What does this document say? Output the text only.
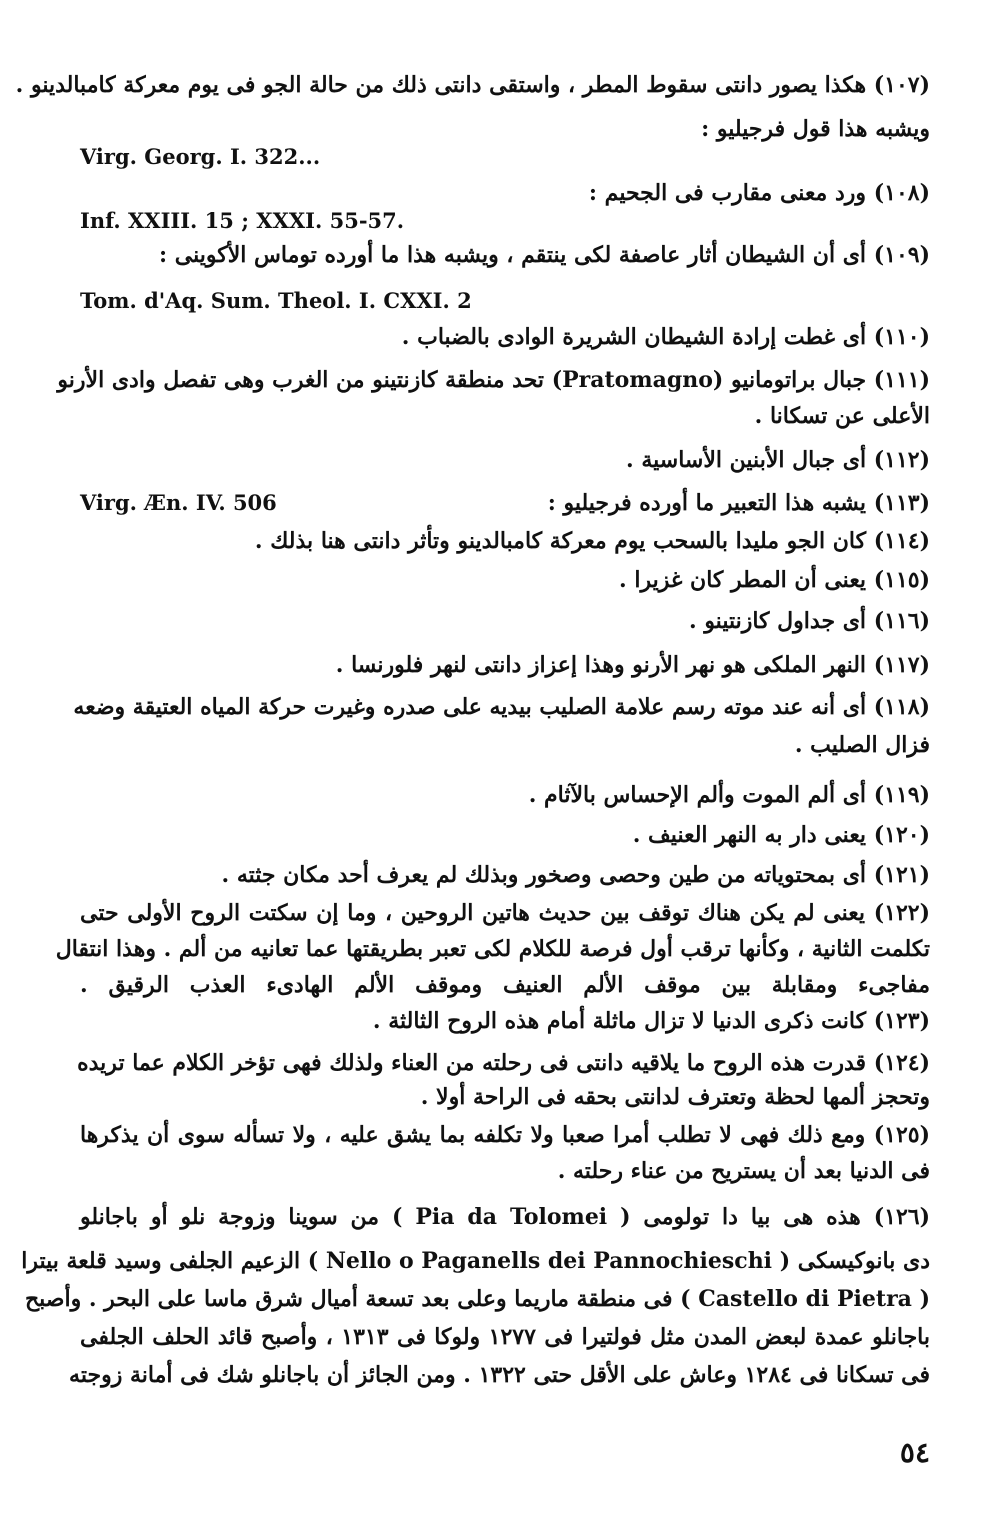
(١٠٧) هكذا يصور دانتى سقوط المطر ، واستقى دانتى ذلك من حالة الجو فى يوم معركة كامبالدينو .
ويشبه هذا قول فرجيليو :
Virg. Georg. I. 322...
(١٠٨) ورد معنى مقارب فى الجحيم :
Inf. XXIII. 15 ; XXXI. 55-57.
(١٠٩) أى أن الشيطان أثار عاصفة لكى ينتقم ، ويشبه هذا ما أورده توماس الأكوينى :
Tom. d'Aq. Sum. Theol. I. CXXI. 2
(١١٠) أى غطت إرادة الشيطان الشريرة الوادى بالضباب .
(١١١) جبال براتومانيو (Pratomagno) تحد منطقة كازنتينو من الغرب وهى تفصل وادى الأرنو
الأعلى عن تسكانا .
(١١٢) أى جبال الأبنين الأساسية .
Virg. Æn. IV. 506	(١١٣) يشبه هذا التعبير ما أورده فرجيليو :
(١١٤) كان الجو مليدا بالسحب يوم معركة كامبالدينو وتأثر دانتى هنا بذلك .
(١١٥) يعنى أن المطر كان غزيرا .
(١١٦) أى جداول كازنتينو .
(١١٧) النهر الملكى هو نهر الأرنو وهذا إعزاز دانتى لنهر فلورنسا .
(١١٨) أى أنه عند موته رسم علامة الصليب بيديه على صدره وغيرت حركة المياه العتيقة وضعه
فزال الصليب .
(١١٩) أى ألم الموت وألم الإحساس بالآثام .
(١٢٠) يعنى دار به النهر العنيف .
(١٢١) أى بمحتوياته من طين وحصى وصخور وبذلك لم يعرف أحد مكان جثته .
(١٢٢) يعنى لم يكن هناك توقف بين حديث هاتين الروحين ، وما إن سكتت الروح الأولى حتى
تكلمت الثانية ، وكأنها ترقب أول فرصة للكلام لكى تعبر بطريقتها عما تعانيه من ألم . وهذا انتقال
مفاجىء ومقابلة بين موقف الألم العنيف وموقف الألم الهادىء العذب الرقيق .
(١٢٣) كانت ذكرى الدنيا لا تزال ماثلة أمام هذه الروح الثالثة .
(١٢٤) قدرت هذه الروح ما يلاقيه دانتى فى رحلته من العناء ولذلك فهى تؤخر الكلام عما تريده
وتحجز ألمها لحظة وتعترف لدانتى بحقه فى الراحة أولا .
(١٢٥) ومع ذلك فهى لا تطلب أمرا صعبا ولا تكلفه بما يشق عليه ، ولا تسأله سوى أن يذكرها
فى الدنيا بعد أن يستريح من عناء رحلته .
(١٢٦) هذه هى بيا دا تولومى ( Pia da Tolomei ) من سوينا وزوجة نلو أو باجانلو
دى بانوكيسكى ( Nello o Paganells dei Pannochieschi ) الزعيم الجلفى وسيد قلعة بيترا
( Castello di Pietra ) فى منطقة ماريما وعلى بعد تسعة أميال شرق ماسا على البحر . وأصبح
باجانلو عمدة لبعض المدن مثل فولتيرا فى ١٢٧٧ ولوكا فى ١٣١٣ ، وأصبح قائد الحلف الجلفى
فى تسكانا فى ١٢٨٤ وعاش على الأقل حتى ١٣٢٢ . ومن الجائز أن باجانلو شك فى أمانة زوجته
٥٤
